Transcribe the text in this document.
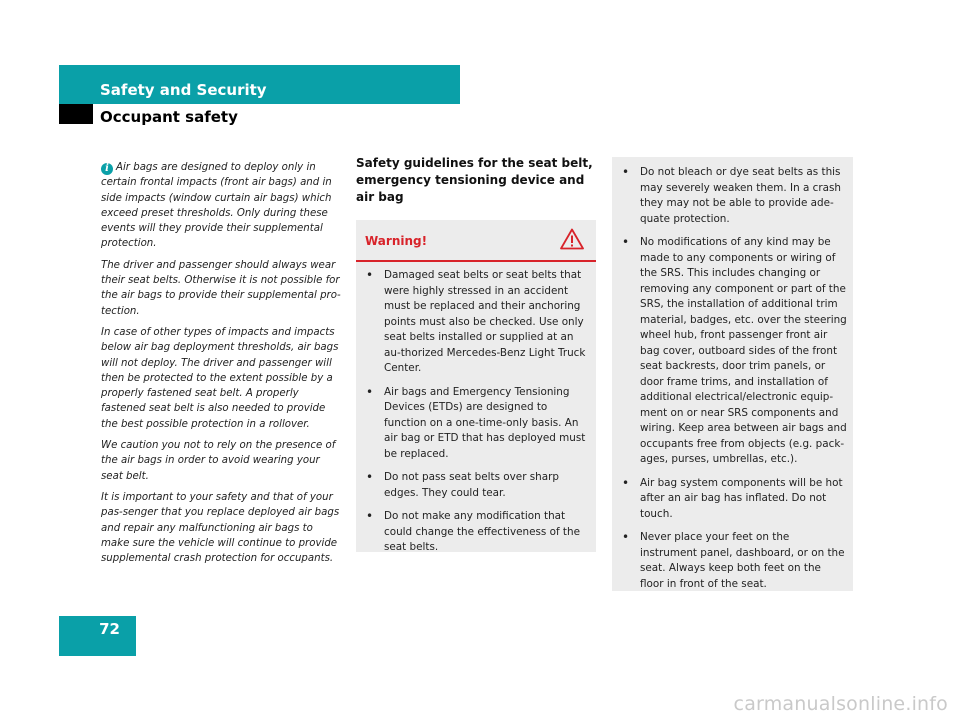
Safety and Security
Occupant safety

i Air bags are designed to deploy only in certain frontal impacts (front air bags) and in side impacts (window curtain air bags) which exceed preset thresholds. Only during these events will they provide their supplemental protection.

The driver and passenger should always wear their seat belts. Otherwise it is not possible for the air bags to provide their supplemental pro-tection.

In case of other types of impacts and impacts below air bag deployment thresholds, air bags will not deploy. The driver and passenger will then be protected to the extent possible by a properly fastened seat belt. A properly fastened seat belt is also needed to provide the best possible protection in a rollover.

We caution you not to rely on the presence of the air bags in order to avoid wearing your seat belt.

It is important to your safety and that of your pas-senger that you replace deployed air bags and repair any malfunctioning air bags to make sure the vehicle will continue to provide supplemental crash protection for occupants.

Safety guidelines for the seat belt, emergency tensioning device and air bag
Warning!
• Damaged seat belts or seat belts that were highly stressed in an accident must be replaced and their anchoring points must also be checked. Use only seat belts installed or supplied at an au-thorized Mercedes-Benz Light Truck Center.
• Air bags and Emergency Tensioning Devices (ETDs) are designed to function on a one-time-only basis. An air bag or ETD that has deployed must be replaced.
• Do not pass seat belts over sharp edges. They could tear.
• Do not make any modification that could change the effectiveness of the seat belts.
• Do not bleach or dye seat belts as this may severely weaken them. In a crash they may not be able to provide ade-quate protection.
• No modifications of any kind may be made to any components or wiring of the SRS. This includes changing or removing any component or part of the SRS, the installation of additional trim material, badges, etc. over the steering wheel hub, front passenger front air bag cover, outboard sides of the front seat backrests, door trim panels, or door frame trims, and installation of additional electrical/electronic equip-ment on or near SRS components and wiring. Keep area between air bags and occupants free from objects (e.g. pack-ages, purses, umbrellas, etc.).
• Air bag system components will be hot after an air bag has inflated. Do not touch.
• Never place your feet on the instrument panel, dashboard, or on the seat. Always keep both feet on the floor in front of the seat.
72
carmanualsonline.info
